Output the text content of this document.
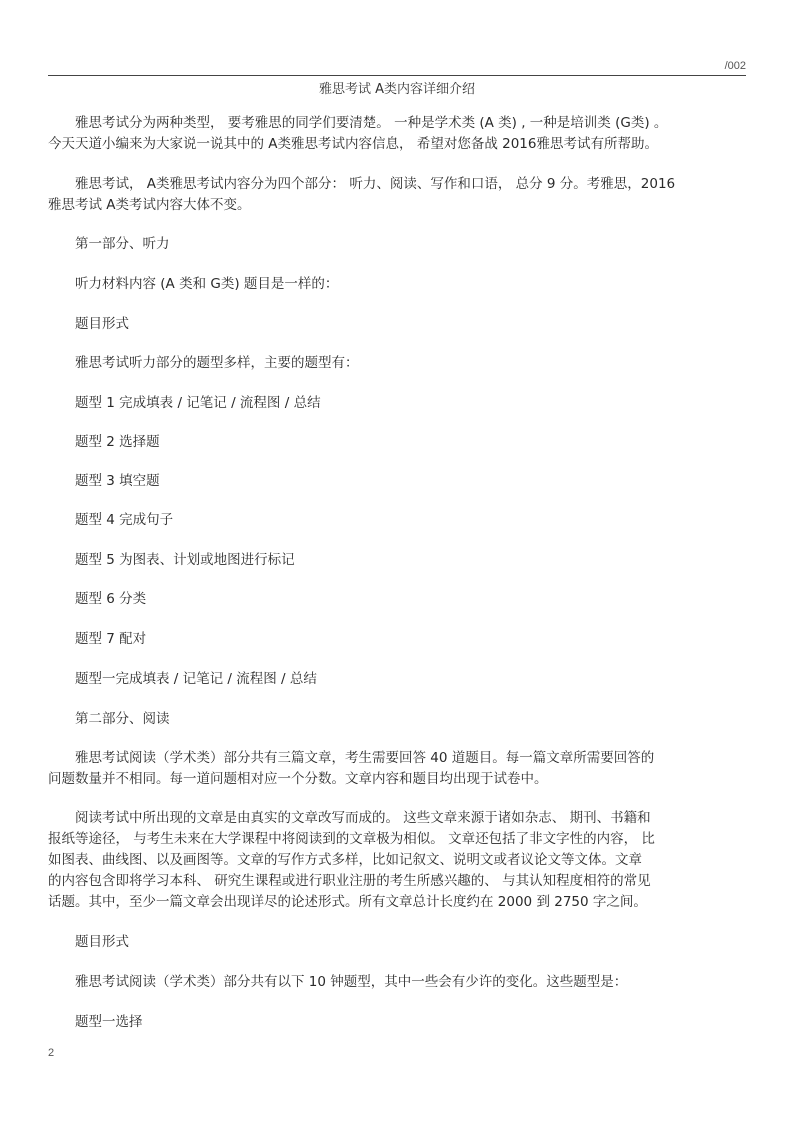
/002
雅思考试 A类内容详细介绍
　　雅思考试分为两种类型， 要考雅思的同学们要清楚。 一种是学术类 (A 类) , 一种是培训类 (G类) 。
今天天道小编来为大家说一说其中的 A类雅思考试内容信息， 希望对您备战 2016雅思考试有所帮助。
　　雅思考试， A类雅思考试内容分为四个部分： 听力、阅读、写作和口语， 总分 9 分。考雅思，2016
雅思考试 A类考试内容大体不变。
　　第一部分、听力
　　听力材料内容 (A 类和 G类) 题目是一样的：
　　题目形式
　　雅思考试听力部分的题型多样，主要的题型有：
　　题型 1 完成填表 / 记笔记 / 流程图 / 总结
　　题型 2 选择题
　　题型 3 填空题
　　题型 4 完成句子
　　题型 5 为图表、计划或地图进行标记
　　题型 6 分类
　　题型 7 配对
　　题型一完成填表 / 记笔记 / 流程图 / 总结
　　第二部分、阅读
　　雅思考试阅读（学术类）部分共有三篇文章，考生需要回答 40 道题目。每一篇文章所需要回答的
问题数量并不相同。每一道问题相对应一个分数。文章内容和题目均出现于试卷中。
　　阅读考试中所出现的文章是由真实的文章改写而成的。 这些文章来源于诸如杂志、 期刊、书籍和
报纸等途径， 与考生未来在大学课程中将阅读到的文章极为相似。 文章还包括了非文字性的内容， 比
如图表、曲线图、以及画图等。文章的写作方式多样，比如记叙文、说明文或者议论文等文体。文章
的内容包含即将学习本科、 研究生课程或进行职业注册的考生所感兴趣的、 与其认知程度相符的常见
话题。其中，至少一篇文章会出现详尽的论述形式。所有文章总计长度约在 2000 到 2750 字之间。
　　题目形式
　　雅思考试阅读（学术类）部分共有以下 10 钟题型，其中一些会有少许的变化。这些题型是：
　　题型一选择
2
